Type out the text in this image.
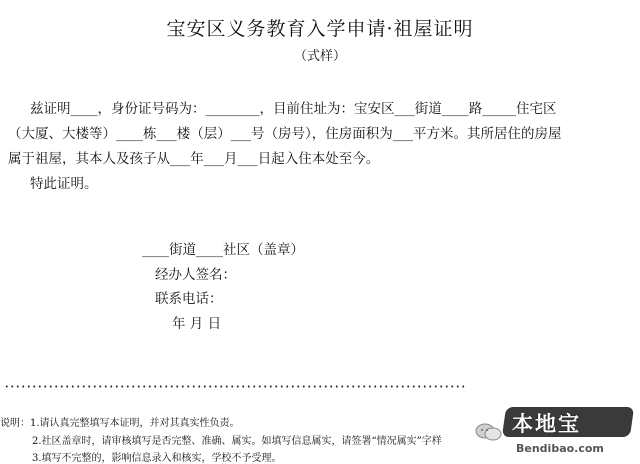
宝安区义务教育入学申请·祖屋证明
（式样）
兹证明____，身份证号码为：________，目前住址为：宝安区___街道____路_____住宅区
（大厦、大楼等）____栋___楼（层）___号（房号），住房面积为___平方米。其所居住的房屋
属于祖屋，其本人及孩子从___年___月___日起入住本处至今。
特此证明。
____街道____社区（盖章）
经办人签名：
联系电话：
年 月 日
说明：1.请认真完整填写本证明，并对其真实性负责。
2.社区盖章时，请审核填写是否完整、准确、属实。如填写信息属实，请签署“情况属实”字样
3.填写不完整的，影响信息录入和核实，学校不予受理。
本地宝
Bendibao.com
